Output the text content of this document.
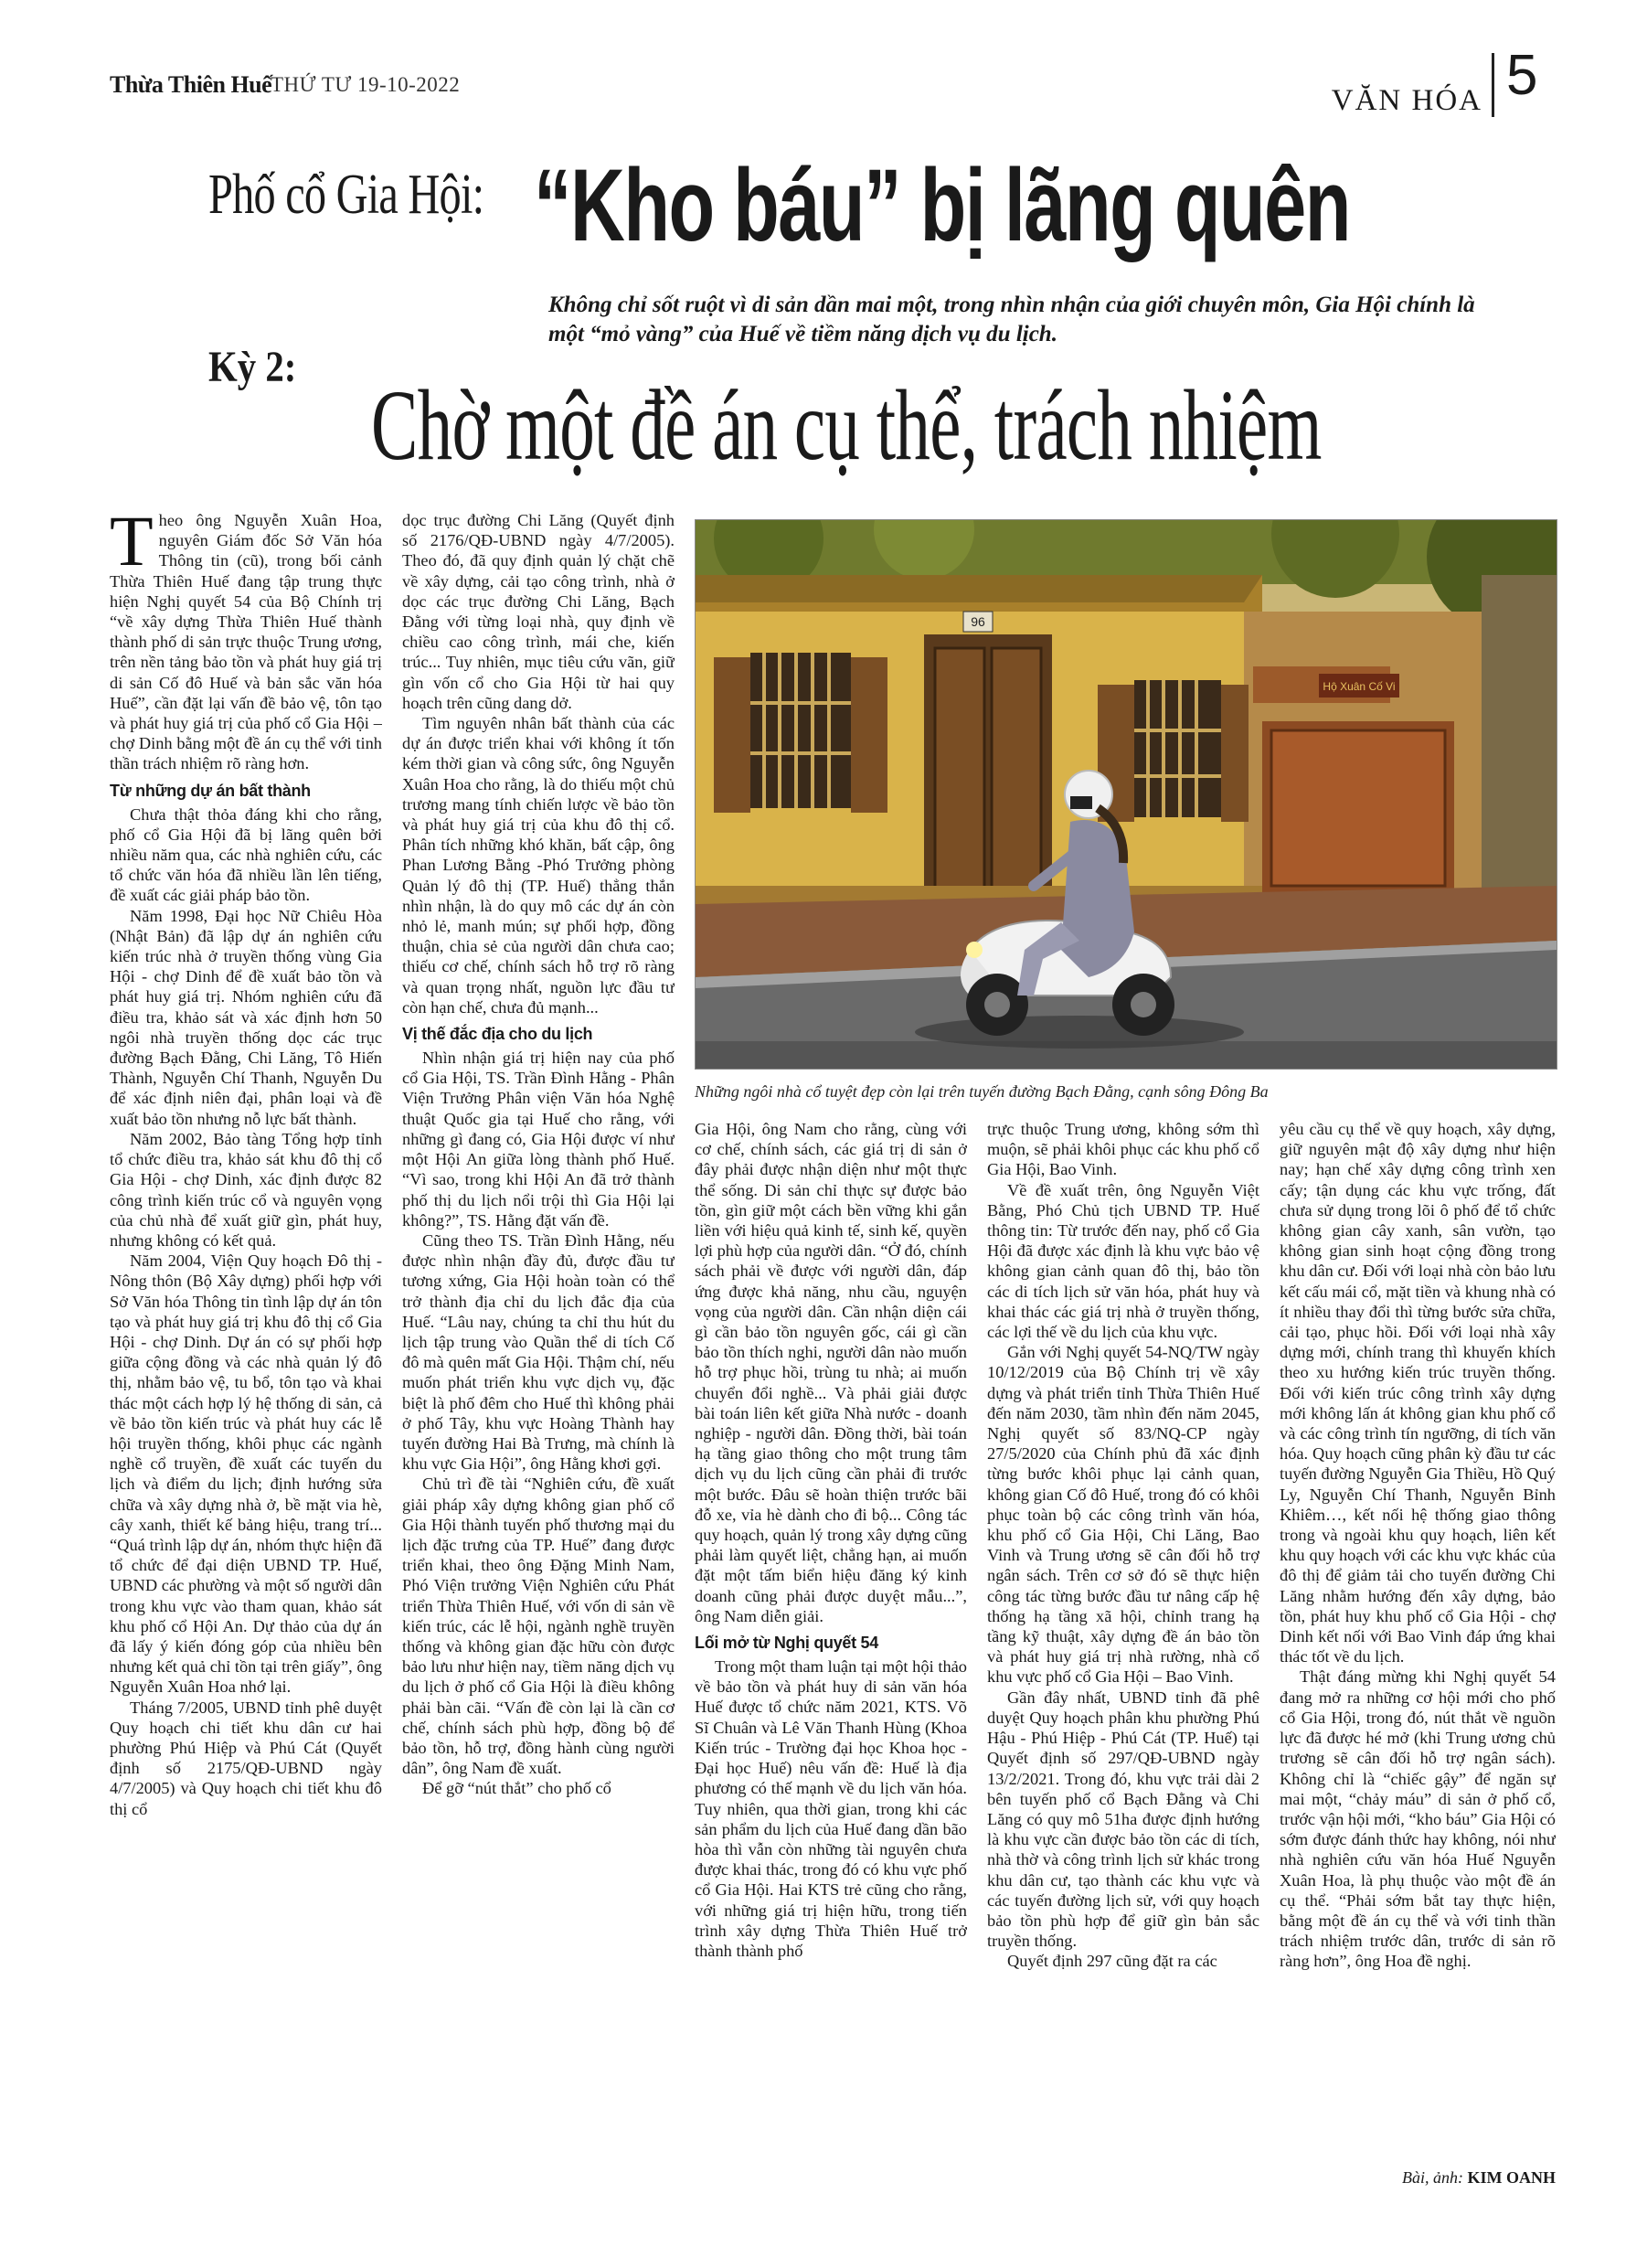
Thừa Thiên Huế
THỨ TƯ 19-10-2022	VĂN HÓA 5
Phố cổ Gia Hội: “Kho báu” bị lãng quên
Không chỉ sốt ruột vì di sản dần mai một, trong nhìn nhận của giới chuyên môn, Gia Hội chính là một “mỏ vàng” của Huế về tiềm năng dịch vụ du lịch.
Kỳ 2:
Chờ một đề án cụ thể, trách nhiệm

Theo ông Nguyễn Xuân Hoa, nguyên Giám đốc Sở Văn hóa Thông tin (cũ), trong bối cảnh Thừa Thiên Huế đang tập trung thực hiện Nghị quyết 54 của Bộ Chính trị “về xây dựng Thừa Thiên Huế thành thành phố di sản trực thuộc Trung ương, trên nền tảng bảo tồn và phát huy giá trị di sản Cố đô Huế và bản sắc văn hóa Huế”, cần đặt lại vấn đề bảo vệ, tôn tạo và phát huy giá trị của phố cổ Gia Hội – chợ Dinh bằng một đề án cụ thể với tinh thần trách nhiệm rõ ràng hơn.

Từ những dự án bất thành

Chưa thật thỏa đáng khi cho rằng, phố cổ Gia Hội đã bị lãng quên bởi nhiều năm qua, các nhà nghiên cứu, các tổ chức văn hóa đã nhiều lần lên tiếng, đề xuất các giải pháp bảo tồn.

Năm 1998, Đại học Nữ Chiêu Hòa (Nhật Bản) đã lập dự án nghiên cứu kiến trúc nhà ở truyền thống vùng Gia Hội - chợ Dinh để đề xuất bảo tồn và phát huy giá trị. Nhóm nghiên cứu đã điều tra, khảo sát và xác định hơn 50 ngôi nhà truyền thống dọc các trục đường Bạch Đằng, Chi Lăng, Tô Hiến Thành, Nguyễn Chí Thanh, Nguyễn Du để xác định niên đại, phân loại và đề xuất bảo tồn nhưng nỗ lực bất thành.

Năm 2002, Bảo tàng Tổng hợp tỉnh tổ chức điều tra, khảo sát khu đô thị cổ Gia Hội - chợ Dinh, xác định được 82 công trình kiến trúc cổ và nguyên vọng của chủ nhà để xuất giữ gìn, phát huy, nhưng không có kết quả.

Năm 2004, Viện Quy hoạch Đô thị - Nông thôn (Bộ Xây dựng) phối hợp với Sở Văn hóa Thông tin tình lập dự án tôn tạo và phát huy giá trị khu đô thị cổ Gia Hội - chợ Dinh. Dự án có sự phối hợp giữa cộng đồng và các nhà quản lý đô thị, nhằm bảo vệ, tu bổ, tôn tạo và khai thác một cách hợp lý hệ thống di sản, cả về bảo tồn kiến trúc và phát huy các lễ hội truyền thống, khôi phục các ngành nghề cổ truyền, đề xuất các tuyến du lịch và điểm du lịch; định hướng sửa chữa và xây dựng nhà ở, bề mặt via hè, cây xanh, thiết kế bảng hiệu, trang trí... “Quá trình lập dự án, nhóm thực hiện đã tổ chức để đại diện UBND TP. Huế, UBND các phường và một số người dân trong khu vực vào tham quan, khảo sát khu phố cổ Hội An. Dự thảo của dự án đã lấy ý kiến đóng góp của nhiều bên nhưng kết quả chỉ tồn tại trên giấy”, ông Nguyễn Xuân Hoa nhớ lại.

Tháng 7/2005, UBND tỉnh phê duyệt Quy hoạch chi tiết khu dân cư hai phường Phú Hiệp và Phú Cát (Quyết định số 2175/QĐ-UBND ngày 4/7/2005) và Quy hoạch chi tiết khu đô thị cổ

dọc trục đường Chi Lăng (Quyết định số 2176/QĐ-UBND ngày 4/7/2005). Theo đó, đã quy định quản lý chặt chẽ về xây dựng, cải tạo công trình, nhà ở dọc các trục đường Chi Lăng, Bạch Đằng với từng loại nhà, quy định về chiều cao công trình, mái che, kiến trúc... Tuy nhiên, mục tiêu cứu vãn, giữ gìn vốn cổ cho Gia Hội từ hai quy hoạch trên cũng dang dở.

Tìm nguyên nhân bất thành của các dự án được triển khai với không ít tốn kém thời gian và công sức, ông Nguyễn Xuân Hoa cho rằng, là do thiếu một chủ trương mang tính chiến lược về bảo tồn và phát huy giá trị của khu đô thị cổ. Phân tích những khó khăn, bất cập, ông Phan Lương Bằng -Phó Trưởng phòng Quản lý đô thị (TP. Huế) thẳng thắn nhìn nhận, là do quy mô các dự án còn nhỏ lẻ, manh mún; sự phối hợp, đồng thuận, chia sẻ của người dân chưa cao; thiếu cơ chế, chính sách hỗ trợ rõ ràng và quan trọng nhất, nguồn lực đầu tư còn hạn chế, chưa đủ mạnh...

Vị thế đắc địa cho du lịch

Nhìn nhận giá trị hiện nay của phố cổ Gia Hội, TS. Trần Đình Hằng - Phân Viện Trưởng Phân viện Văn hóa Nghệ thuật Quốc gia tại Huế cho rằng, với những gì đang có, Gia Hội được ví như một Hội An giữa lòng thành phố Huế. “Vì sao, trong khi Hội An đã trở thành phố thị du lịch nổi trội thì Gia Hội lại không?”, TS. Hằng đặt vấn đề.

Cũng theo TS. Trần Đình Hằng, nếu được nhìn nhận đầy đủ, được đầu tư tương xứng, Gia Hội hoàn toàn có thể trở thành địa chỉ du lịch đắc địa của Huế. “Lâu nay, chúng ta chỉ thu hút du lịch tập trung vào Quần thể di tích Cố đô mà quên mất Gia Hội. Thậm chí, nếu muốn phát triển khu vực dịch vụ, đặc biệt là phố đêm cho Huế thì không phải ở phố Tây, khu vực Hoàng Thành hay tuyến đường Hai Bà Trưng, mà chính là khu vực Gia Hội”, ông Hằng khơi gợi.

Chủ trì đề tài “Nghiên cứu, đề xuất giải pháp xây dựng không gian phố cổ Gia Hội thành tuyến phố thương mại du lịch đặc trưng của TP. Huế” đang được triển khai, theo ông Đặng Minh Nam, Phó Viện trưởng Viện Nghiên cứu Phát triển Thừa Thiên Huế, với vốn di sản về kiến trúc, các lễ hội, ngành nghề truyền thống và không gian đặc hữu còn được bảo lưu như hiện nay, tiềm năng dịch vụ du lịch ở phố cổ Gia Hội là điều không phải bàn cãi. “Vấn đề còn lại là cần cơ chế, chính sách phù hợp, đồng bộ để bảo tồn, hỗ trợ, đồng hành cùng người dân”, ông Nam đề xuất.

Để gỡ “nút thắt” cho phố cổ

96
Hộ Xuân Cố Vi
Những ngôi nhà cổ tuyệt đẹp còn lại trên tuyến đường Bạch Đằng, cạnh sông Đông Ba

Gia Hội, ông Nam cho rằng, cùng với cơ chế, chính sách, các giá trị di sản ở đây phải được nhận diện như một thực thể sống. Di sản chỉ thực sự được bảo tồn, gìn giữ một cách bền vững khi gắn liền với hiệu quả kinh tế, sinh kế, quyền lợi phù hợp của người dân. “Ở đó, chính sách phải về được với người dân, đáp ứng được khả năng, nhu cầu, nguyện vọng của người dân. Cần nhận diện cái gì cần bảo tồn nguyên gốc, cái gì cần bảo tồn thích nghi, người dân nào muốn hỗ trợ phục hồi, trùng tu nhà; ai muốn chuyển đổi nghề... Và phải giải được bài toán liên kết giữa Nhà nước - doanh nghiệp - người dân. Đồng thời, bài toán hạ tầng giao thông cho một trung tâm dịch vụ du lịch cũng cần phải đi trước một bước. Đâu sẽ hoàn thiện trước bãi đỗ xe, vỉa hè dành cho đi bộ... Công tác quy hoạch, quản lý trong xây dựng cũng phải làm quyết liệt, chẳng hạn, ai muốn đặt một tấm biển hiệu đăng ký kinh doanh cũng phải được duyệt mẫu...”, ông Nam diễn giải.

Lối mở từ Nghị quyết 54

Trong một tham luận tại một hội thảo về bảo tồn và phát huy di sản văn hóa Huế được tổ chức năm 2021, KTS. Võ Sĩ Chuân và Lê Văn Thanh Hùng (Khoa Kiến trúc - Trường đại học Khoa học - Đại học Huế) nêu vấn đề: Huế là địa phương có thế mạnh về du lịch văn hóa. Tuy nhiên, qua thời gian, trong khi các sản phẩm du lịch của Huế đang dần bão hòa thì vẫn còn những tài nguyên chưa được khai thác, trong đó có khu vực phố cổ Gia Hội. Hai KTS trẻ cũng cho rằng, với những giá trị hiện hữu, trong tiến trình xây dựng Thừa Thiên Huế trở thành thành phố

trực thuộc Trung ương, không sớm thì muộn, sẽ phải khôi phục các khu phố cổ Gia Hội, Bao Vinh.

Về đề xuất trên, ông Nguyễn Việt Bằng, Phó Chủ tịch UBND TP. Huế thông tin: Từ trước đến nay, phố cổ Gia Hội đã được xác định là khu vực bảo vệ không gian cảnh quan đô thị, bảo tồn các di tích lịch sử văn hóa, phát huy và khai thác các giá trị nhà ở truyền thống, các lợi thế về du lịch của khu vực.

Gắn với Nghị quyết 54-NQ/TW ngày 10/12/2019 của Bộ Chính trị về xây dựng và phát triển tỉnh Thừa Thiên Huế đến năm 2030, tầm nhìn đến năm 2045, Nghị quyết số 83/NQ-CP ngày 27/5/2020 của Chính phủ đã xác định từng bước khôi phục lại cảnh quan, không gian Cố đô Huế, trong đó có khôi phục toàn bộ các công trình văn hóa, khu phố cổ Gia Hội, Chi Lăng, Bao Vinh và Trung ương sẽ cân đối hỗ trợ ngân sách. Trên cơ sở đó sẽ thực hiện công tác từng bước đầu tư nâng cấp hệ thống hạ tầng xã hội, chỉnh trang hạ tầng kỹ thuật, xây dựng đề án bảo tồn và phát huy giá trị nhà rường, nhà cổ khu vực phố cổ Gia Hội – Bao Vinh.

Gần đây nhất, UBND tỉnh đã phê duyệt Quy hoạch phân khu phường Phú Hậu - Phú Hiệp - Phú Cát (TP. Huế) tại Quyết định số 297/QĐ-UBND ngày 13/2/2021. Trong đó, khu vực trải dài 2 bên tuyến phố cổ Bạch Đằng và Chi Lăng có quy mô 51ha được định hướng là khu vực cần được bảo tồn các di tích, nhà thờ và công trình lịch sử khác trong khu dân cư, tạo thành các khu vực và các tuyến đường lịch sử, với quy hoạch bảo tồn phù hợp để giữ gìn bản sắc truyền thống.

Quyết định 297 cũng đặt ra các

yêu cầu cụ thể về quy hoạch, xây dựng, giữ nguyên mật độ xây dựng như hiện nay; hạn chế xây dựng công trình xen cấy; tận dụng các khu vực trống, đất chưa sử dụng trong lõi ô phố để tổ chức không gian cây xanh, sân vườn, tạo không gian sinh hoạt cộng đồng trong khu dân cư. Đối với loại nhà còn bảo lưu kết cấu mái cổ, mặt tiền và khung nhà có ít nhiều thay đổi thì từng bước sửa chữa, cải tạo, phục hồi. Đối với loại nhà xây dựng mới, chính trang thì khuyến khích theo xu hướng kiến trúc truyền thống. Đối với kiến trúc công trình xây dựng mới không lấn át không gian khu phố cổ và các công trình tín ngưỡng, di tích văn hóa. Quy hoạch cũng phân kỳ đầu tư các tuyến đường Nguyễn Gia Thiều, Hồ Quý Ly, Nguyễn Chí Thanh, Nguyễn Bỉnh Khiêm…, kết nối hệ thống giao thông trong và ngoài khu quy hoạch, liên kết khu quy hoạch với các khu vực khác của đô thị để giảm tải cho tuyến đường Chi Lăng nhằm hướng đến xây dựng, bảo tồn, phát huy khu phố cổ Gia Hội - chợ Dinh kết nối với Bao Vinh đáp ứng khai thác tốt về du lịch.

Thật đáng mừng khi Nghị quyết 54 đang mở ra những cơ hội mới cho phố cổ Gia Hội, trong đó, nút thắt về nguồn lực đã được hé mở (khi Trung ương chủ trương sẽ cân đối hỗ trợ ngân sách). Không chỉ là “chiếc gậy” để ngăn sự mai một, “chảy máu” di sản ở phố cổ, trước vận hội mới, “kho báu” Gia Hội có sớm được đánh thức hay không, nói như nhà nghiên cứu văn hóa Huế Nguyễn Xuân Hoa, là phụ thuộc vào một đề án cụ thể. “Phải sớm bắt tay thực hiện, bằng một đề án cụ thể và với tinh thần trách nhiệm trước dân, trước di sản rõ ràng hơn”, ông Hoa đề nghị.

Bài, ảnh: KIM OANH
